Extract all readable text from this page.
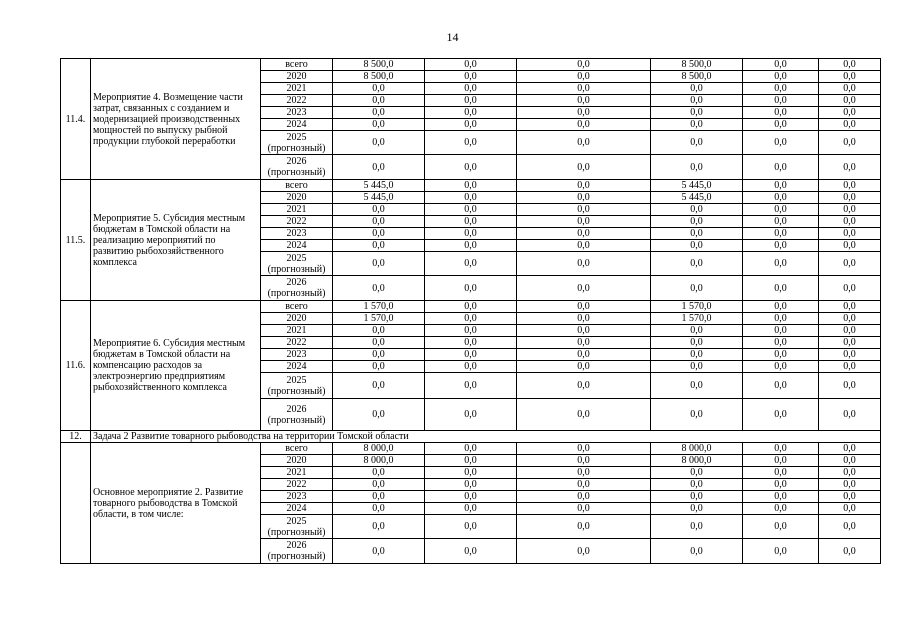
14
11.4.	Мероприятие 4. Возмещение части затрат, связанных с созданием и модернизацией производственных мощностей по выпуску рыбной продукции глубокой переработки	всего	8 500,0	0,0	0,0	8 500,0	0,0	0,0
		2020	8 500,0	0,0	0,0	8 500,0	0,0	0,0
		2021	0,0	0,0	0,0	0,0	0,0	0,0
		2022	0,0	0,0	0,0	0,0	0,0	0,0
		2023	0,0	0,0	0,0	0,0	0,0	0,0
		2024	0,0	0,0	0,0	0,0	0,0	0,0
		2025 (прогнозный)	0,0	0,0	0,0	0,0	0,0	0,0
		2026 (прогнозный)	0,0	0,0	0,0	0,0	0,0	0,0
11.5.	Мероприятие 5. Субсидия местным бюджетам в Томской области на реализацию мероприятий по развитию рыбохозяйственного комплекса	всего	5 445,0	0,0	0,0	5 445,0	0,0	0,0
		2020	5 445,0	0,0	0,0	5 445,0	0,0	0,0
		2021	0,0	0,0	0,0	0,0	0,0	0,0
		2022	0,0	0,0	0,0	0,0	0,0	0,0
		2023	0,0	0,0	0,0	0,0	0,0	0,0
		2024	0,0	0,0	0,0	0,0	0,0	0,0
		2025 (прогнозный)	0,0	0,0	0,0	0,0	0,0	0,0
		2026 (прогнозный)	0,0	0,0	0,0	0,0	0,0	0,0
11.6.	Мероприятие 6. Субсидия местным бюджетам в Томской области на компенсацию расходов за электроэнергию предприятиям рыбохозяйственного комплекса	всего	1 570,0	0,0	0,0	1 570,0	0,0	0,0
		2020	1 570,0	0,0	0,0	1 570,0	0,0	0,0
		2021	0,0	0,0	0,0	0,0	0,0	0,0
		2022	0,0	0,0	0,0	0,0	0,0	0,0
		2023	0,0	0,0	0,0	0,0	0,0	0,0
		2024	0,0	0,0	0,0	0,0	0,0	0,0
		2025 (прогнозный)	0,0	0,0	0,0	0,0	0,0	0,0
		2026 (прогнозный)	0,0	0,0	0,0	0,0	0,0	0,0
12.	Задача 2 Развитие товарного рыбоводства на территории Томской области							
	Основное мероприятие 2. Развитие товарного рыбоводства в Томской области, в том числе:	всего	8 000,0	0,0	0,0	8 000,0	0,0	0,0
		2020	8 000,0	0,0	0,0	8 000,0	0,0	0,0
		2021	0,0	0,0	0,0	0,0	0,0	0,0
		2022	0,0	0,0	0,0	0,0	0,0	0,0
		2023	0,0	0,0	0,0	0,0	0,0	0,0
		2024	0,0	0,0	0,0	0,0	0,0	0,0
		2025 (прогнозный)	0,0	0,0	0,0	0,0	0,0	0,0
		2026 (прогнозный)	0,0	0,0	0,0	0,0	0,0	0,0
